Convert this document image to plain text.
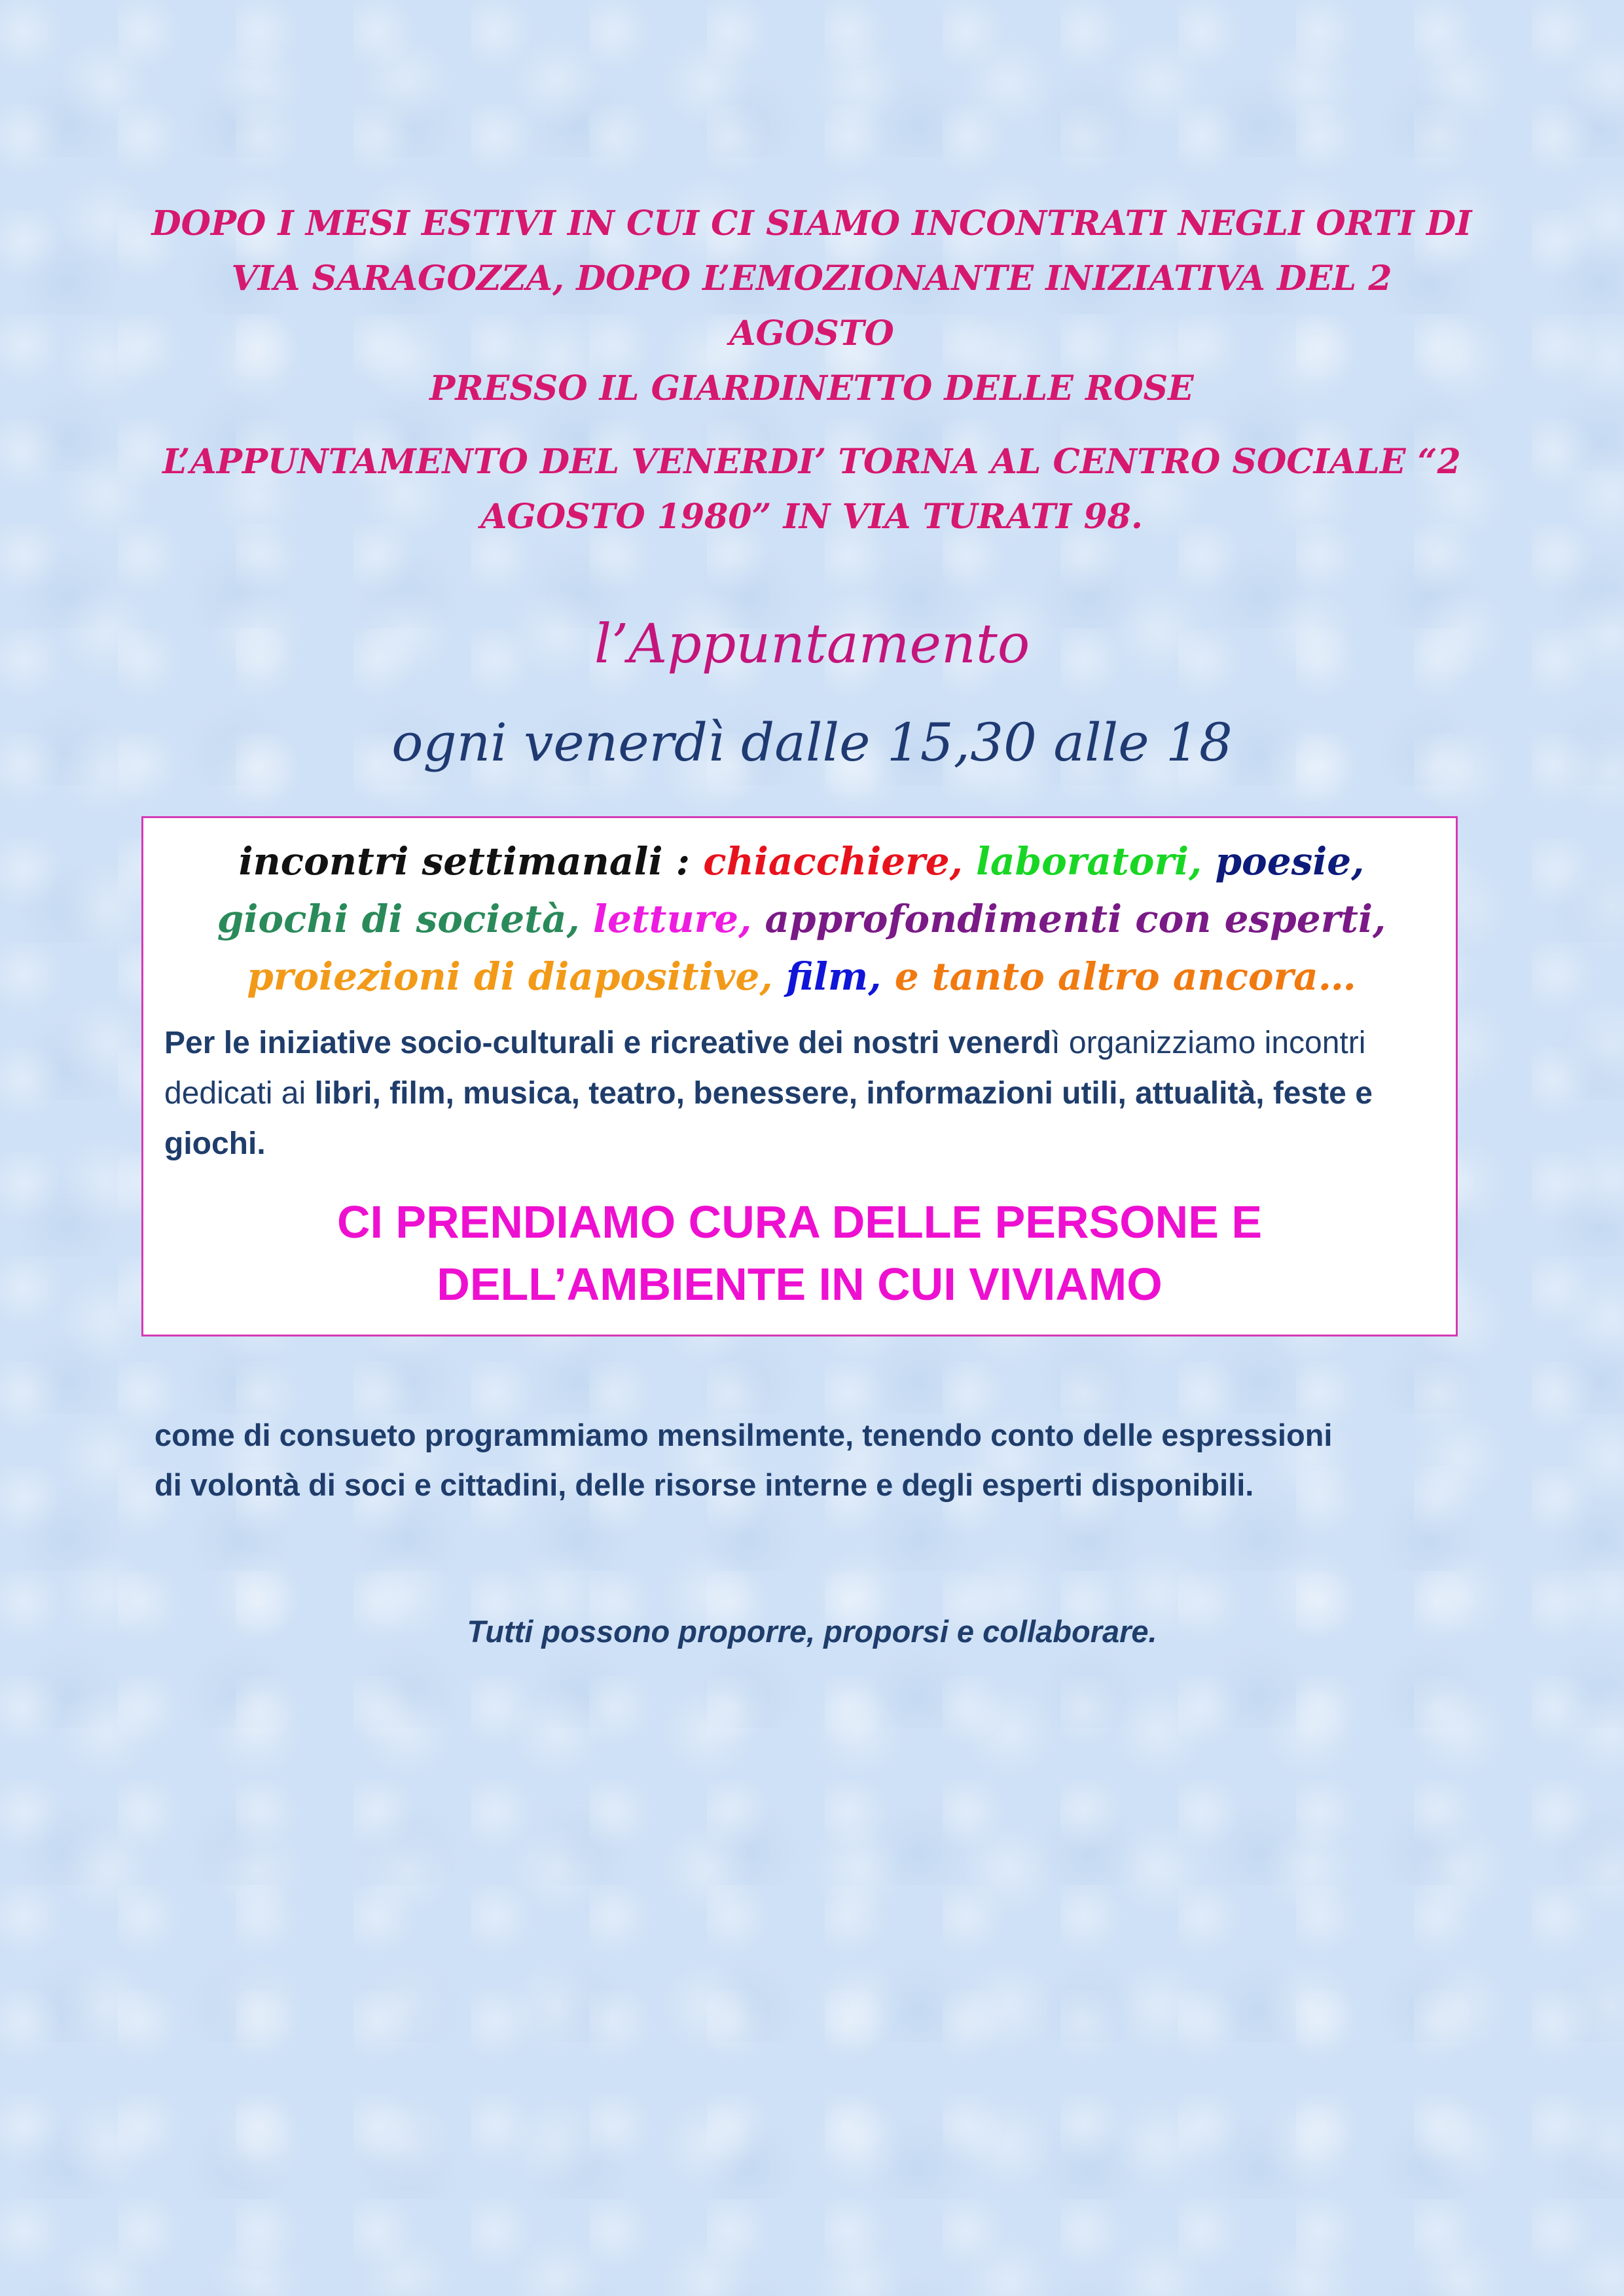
DOPO I MESI ESTIVI IN CUI CI SIAMO INCONTRATI NEGLI ORTI DI
VIA SARAGOZZA, DOPO L’EMOZIONANTE INIZIATIVA DEL 2 AGOSTO
PRESSO IL GIARDINETTO DELLE ROSE

L’APPUNTAMENTO DEL VENERDI’ TORNA AL CENTRO SOCIALE “2
AGOSTO 1980” IN VIA TURATI 98.

l’Appuntamento
ogni venerdì dalle 15,30 alle 18
incontri settimanali : chiacchiere, laboratori, poesie,
giochi di società, letture, approfondimenti con esperti,
proiezioni di diapositive, film, e tanto altro ancora…
Per le iniziative socio-culturali e ricreative dei nostri venerdì organizziamo incontri dedicati ai libri, film, musica, teatro, benessere, informazioni utili, attualità, feste e giochi.
CI PRENDIAMO CURA DELLE PERSONE E
DELL’AMBIENTE IN CUI VIVIAMO
come di consueto programmiamo mensilmente, tenendo conto delle espressioni
di volontà di soci e cittadini, delle risorse interne e degli esperti disponibili.
Tutti possono proporre, proporsi e collaborare.
